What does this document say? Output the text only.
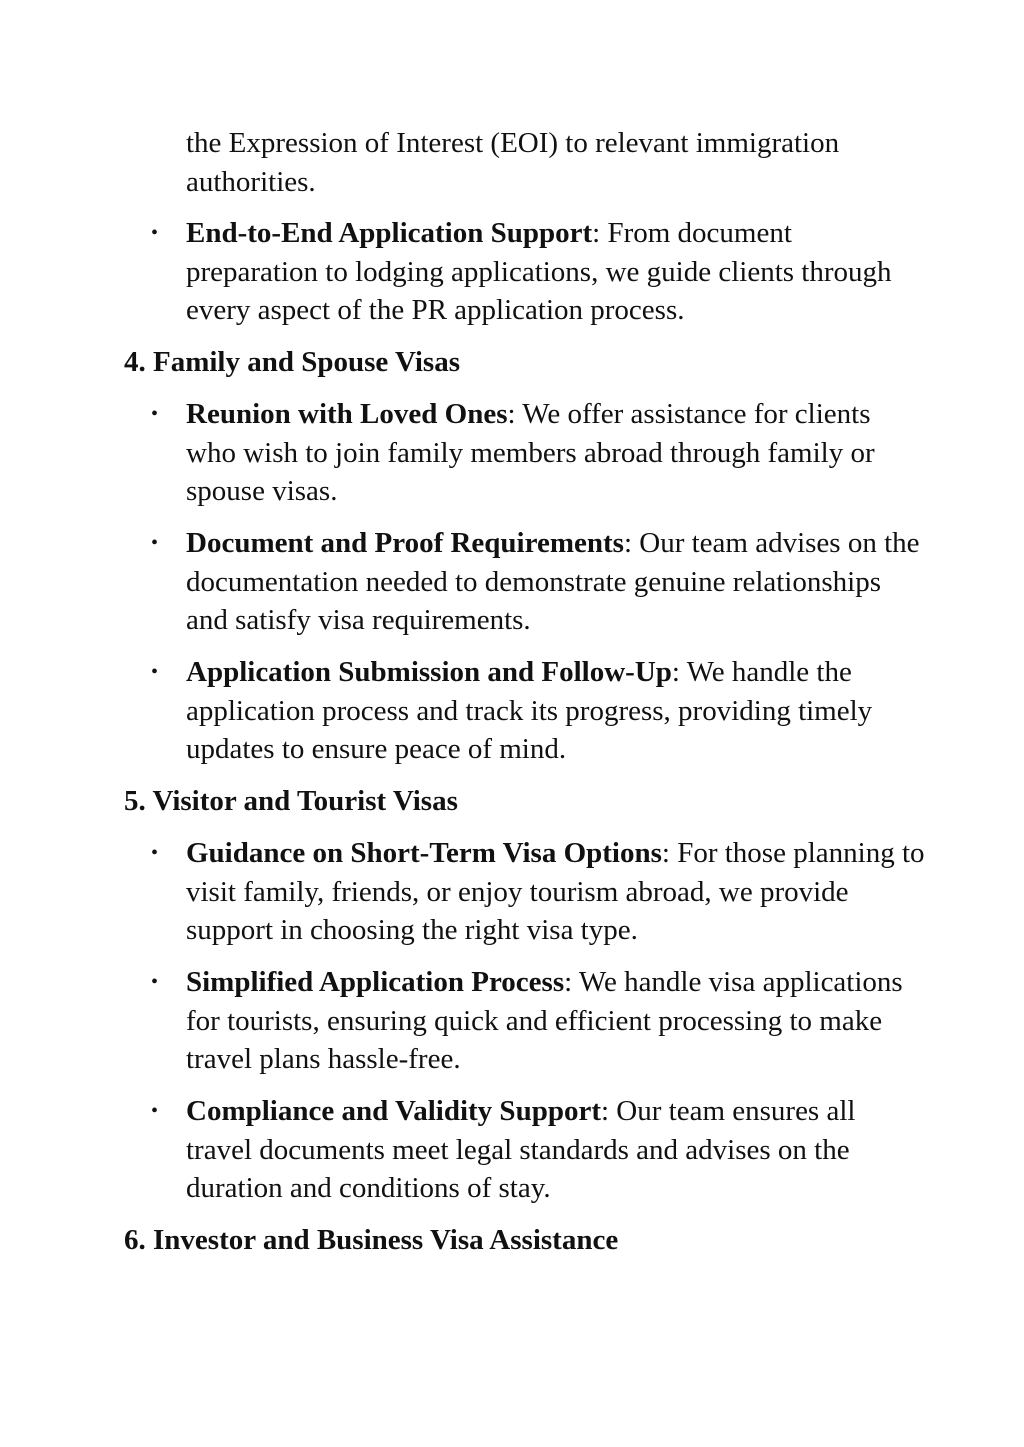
the Expression of Interest (EOI) to relevant immigration authorities.

• End-to-End Application Support: From document preparation to lodging applications, we guide clients through every aspect of the PR application process.
4. Family and Spouse Visas
• Reunion with Loved Ones: We offer assistance for clients who wish to join family members abroad through family or spouse visas.
• Document and Proof Requirements: Our team advises on the documentation needed to demonstrate genuine relationships and satisfy visa requirements.
• Application Submission and Follow-Up: We handle the application process and track its progress, providing timely updates to ensure peace of mind.
5. Visitor and Tourist Visas
• Guidance on Short-Term Visa Options: For those planning to visit family, friends, or enjoy tourism abroad, we provide support in choosing the right visa type.
• Simplified Application Process: We handle visa applications for tourists, ensuring quick and efficient processing to make travel plans hassle-free.
• Compliance and Validity Support: Our team ensures all travel documents meet legal standards and advises on the duration and conditions of stay.
6. Investor and Business Visa Assistance
